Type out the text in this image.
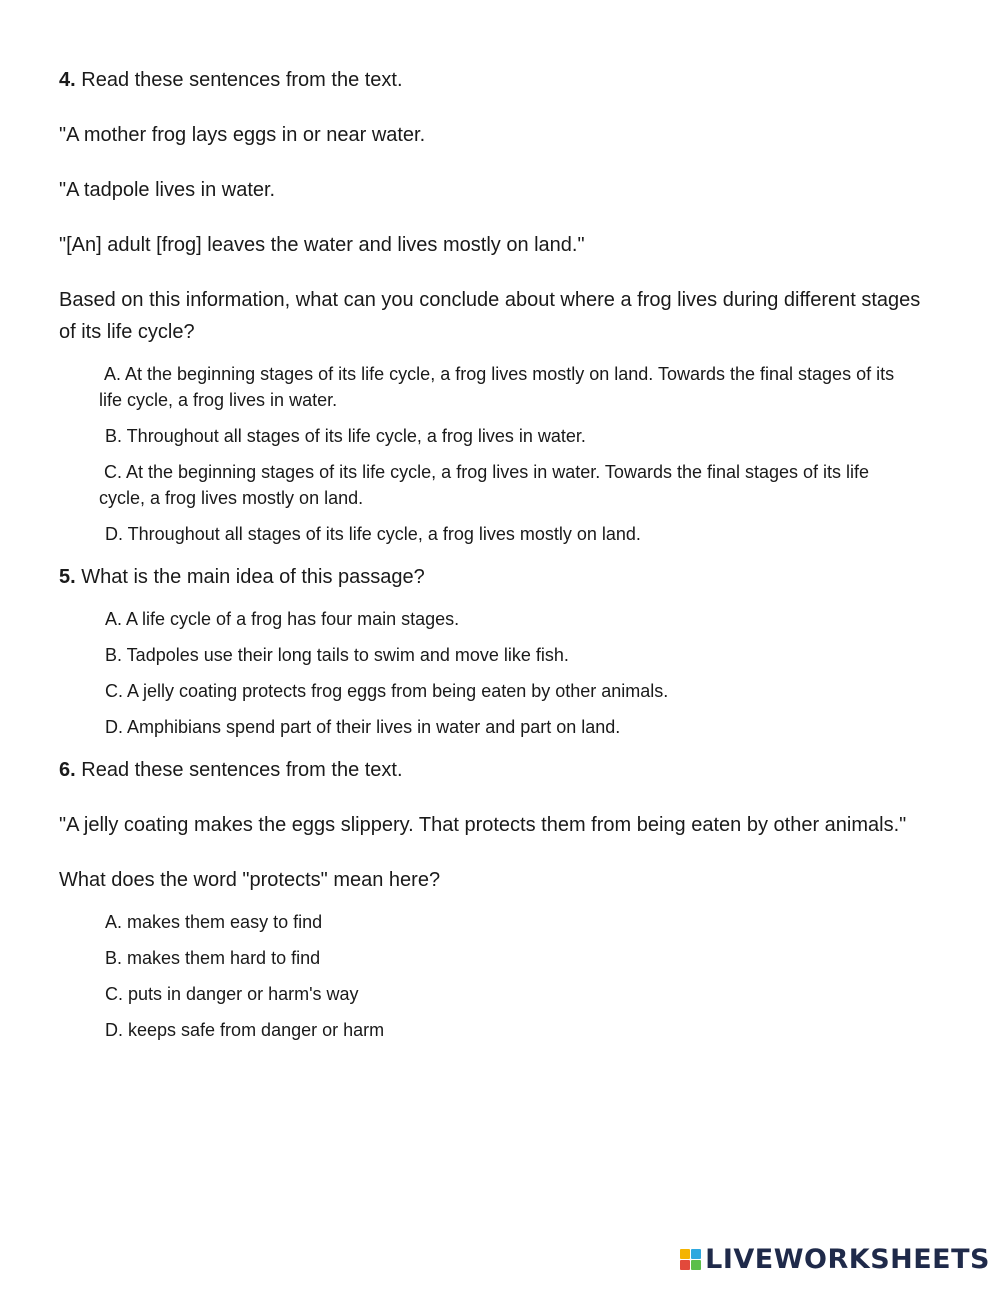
4. Read these sentences from the text.
"A mother frog lays eggs in or near water.
"A tadpole lives in water.
"[An] adult [frog] leaves the water and lives mostly on land."
Based on this information, what can you conclude about where a frog lives during different stages of its life cycle?
A. At the beginning stages of its life cycle, a frog lives mostly on land. Towards the final stages of its life cycle, a frog lives in water.
B. Throughout all stages of its life cycle, a frog lives in water.
C. At the beginning stages of its life cycle, a frog lives in water. Towards the final stages of its life cycle, a frog lives mostly on land.
D. Throughout all stages of its life cycle, a frog lives mostly on land.
5. What is the main idea of this passage?
A. A life cycle of a frog has four main stages.
B. Tadpoles use their long tails to swim and move like fish.
C. A jelly coating protects frog eggs from being eaten by other animals.
D. Amphibians spend part of their lives in water and part on land.
6. Read these sentences from the text.
"A jelly coating makes the eggs slippery. That protects them from being eaten by other animals."
What does the word "protects" mean here?
A. makes them easy to find
B. makes them hard to find
C. puts in danger or harm's way
D. keeps safe from danger or harm
LIVEWORKSHEETS
